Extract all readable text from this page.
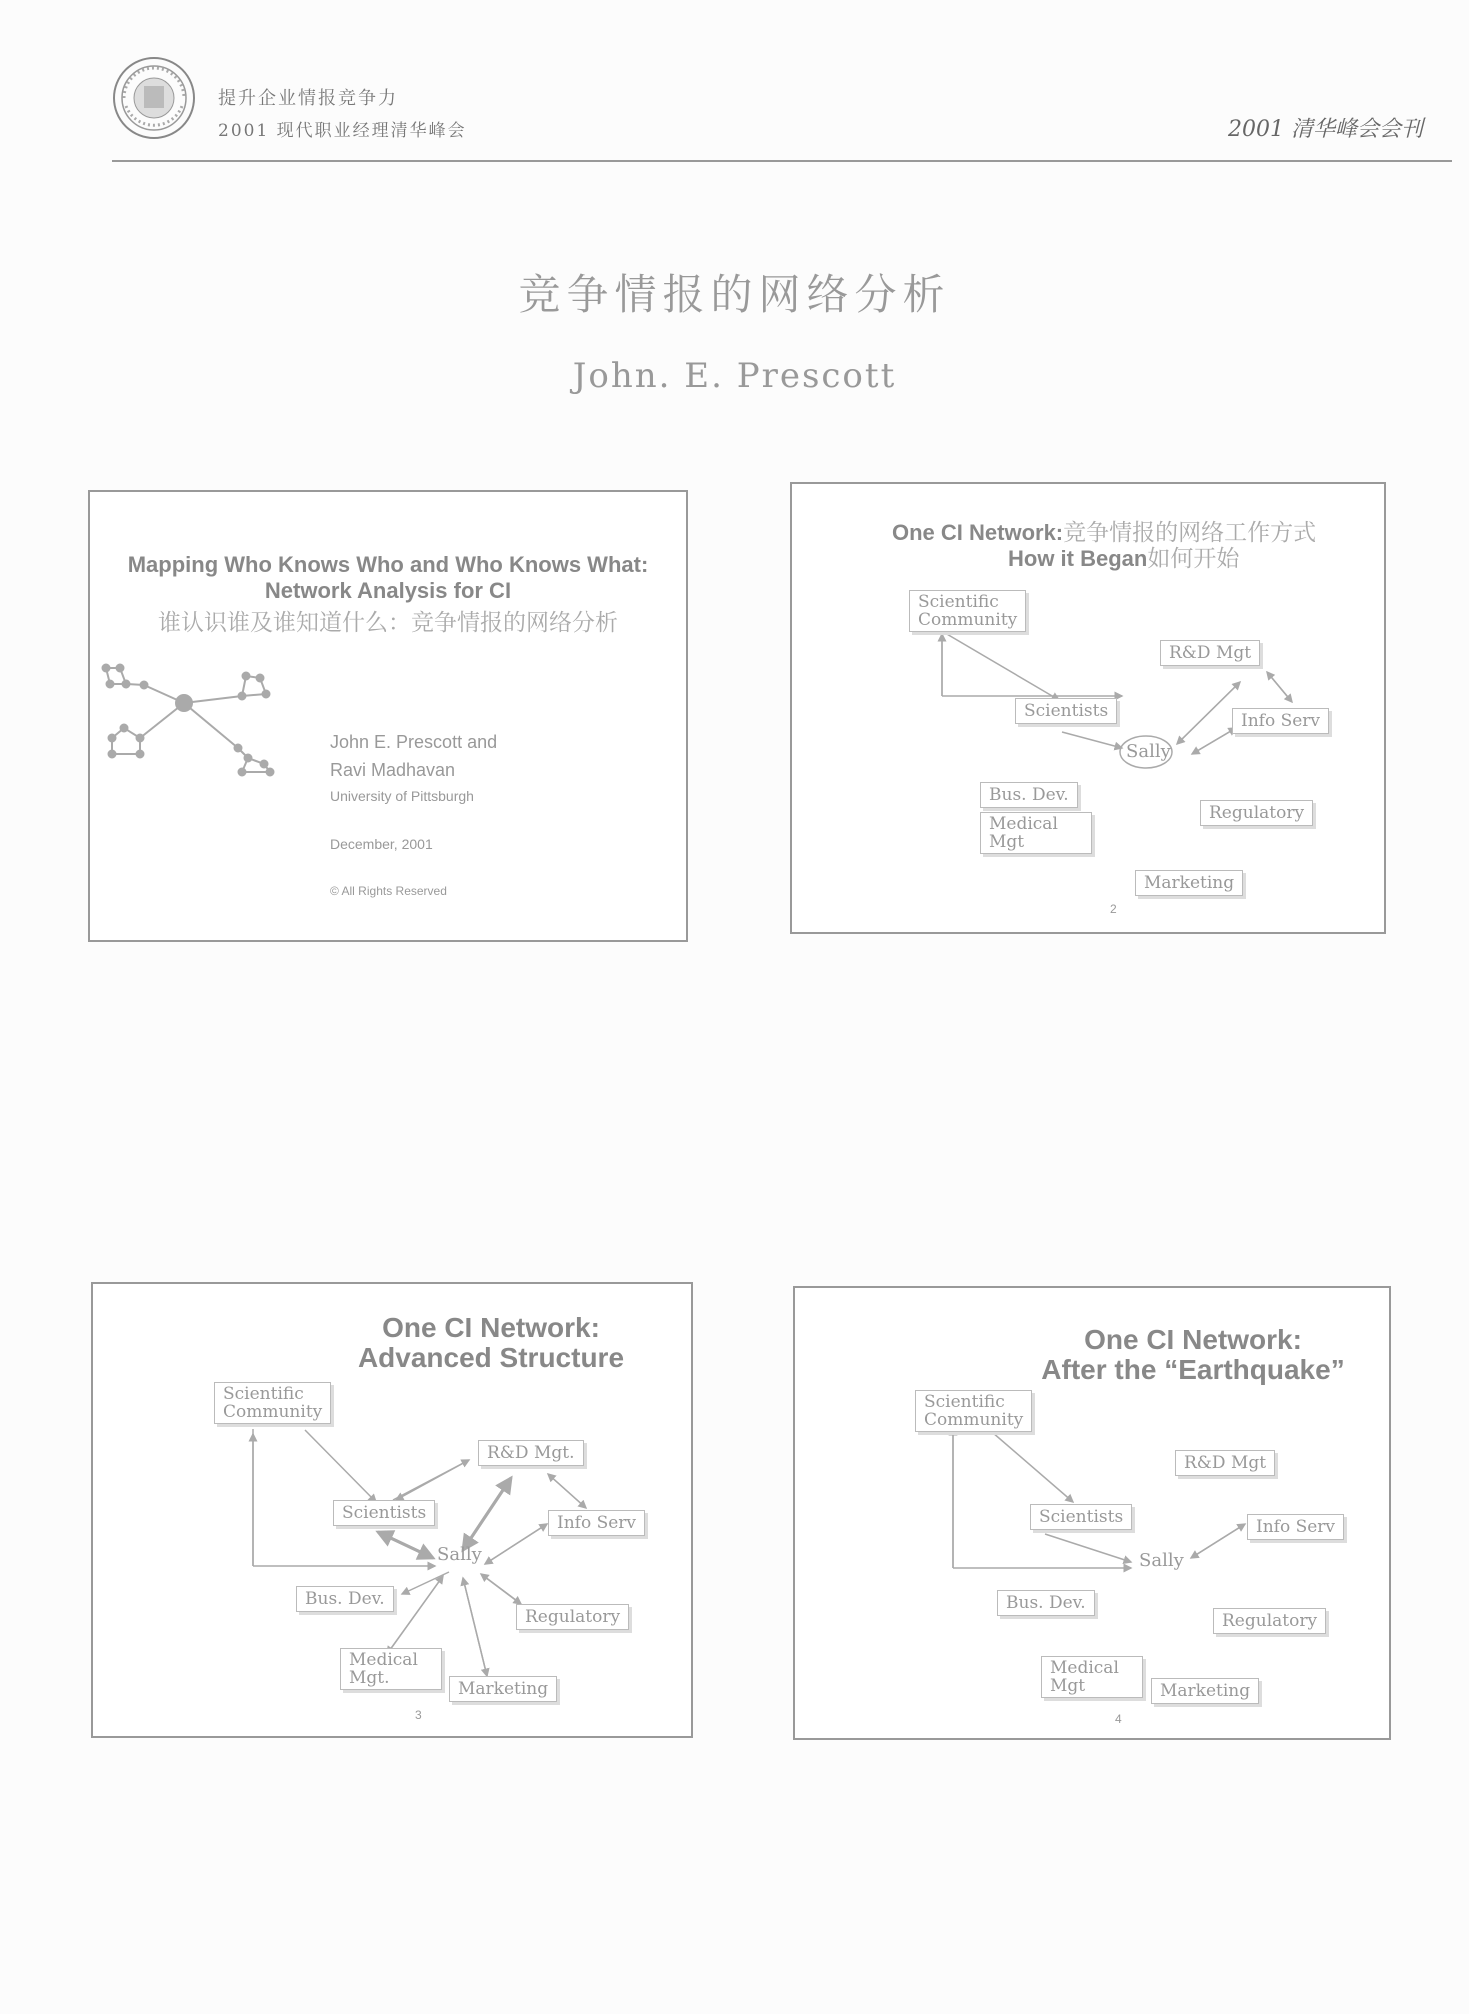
提升企业情报竞争力
2001 现代职业经理清华峰会	2001 清华峰会会刊
竞争情报的网络分析
John. E. Prescott
Mapping Who Knows Who and Who Knows What:
Network Analysis for CI
谁认识谁及谁知道什么：竞争情报的网络分析
John E. Prescott and
Ravi Madhavan
University of Pittsburgh
December, 2001
© All Rights Reserved
One CI Network:竞争情报的网络工作方式
How it Began如何开始
Scientific
Community
R&D Mgt
Scientists	Info Serv
Sally
Bus. Dev.
Medical
Mgt
Regulatory
Marketing
2
One CI Network:
Advanced Structure
Scientific
Community
R&D Mgt.
Scientists	Info Serv
Sally
Bus. Dev.
Regulatory
Medical
Mgt.
Marketing
3
One CI Network:
After the “Earthquake”
Scientific
Community
R&D Mgt
Scientists	Info Serv
Sally
Bus. Dev.
Regulatory
Medical
Mgt	Marketing
4
